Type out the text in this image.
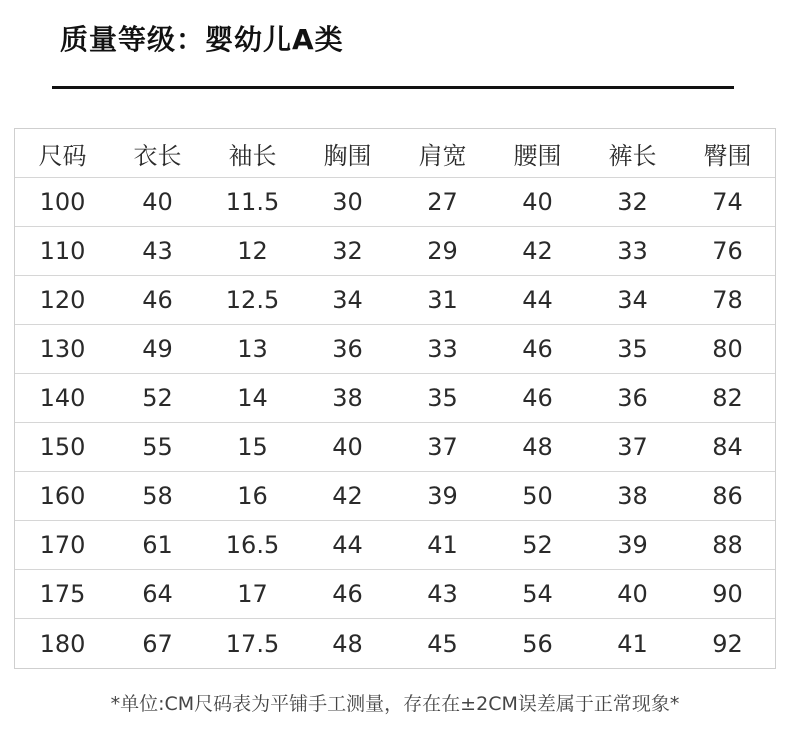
质量等级：婴幼儿A类
尺码	衣长	袖长	胸围	肩宽	腰围	裤长	臀围
100	40	11.5	30	27	40	32	74
110	43	12	32	29	42	33	76
120	46	12.5	34	31	44	34	78
130	49	13	36	33	46	35	80
140	52	14	38	35	46	36	82
150	55	15	40	37	48	37	84
160	58	16	42	39	50	38	86
170	61	16.5	44	41	52	39	88
175	64	17	46	43	54	40	90
180	67	17.5	48	45	56	41	92
*单位:CM尺码表为平铺手工测量，存在在±2CM误差属于正常现象*
